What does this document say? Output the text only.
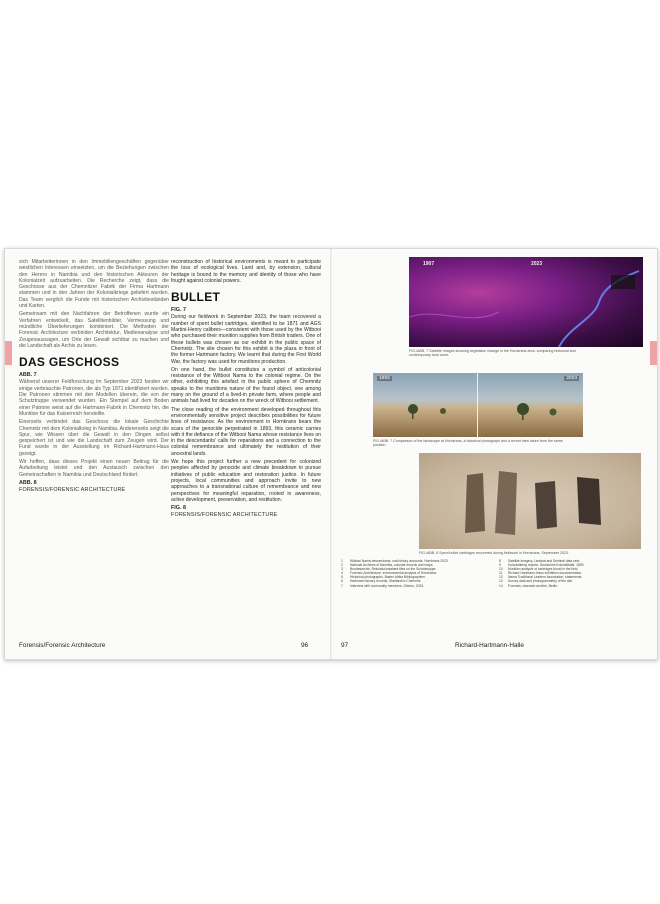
sich Mitarbeiterinnen in den Immobiliengeschäften gegenüber westlichen Interessen einsetzten, um die Beziehungen zwischen den Herero in Namibia und den historischen Akteuren der Kolonialzeit aufzuarbeiten. Die Recherche zeigt, dass die Geschosse aus der Chemnitzer Fabrik der Firma Hartmann stammen und in den Jahren der Kolonialkriege geliefert wurden. Das Team verglich die Funde mit historischen Archivbeständen und Karten.

Gemeinsam mit den Nachfahren der Betroffenen wurde ein Verfahren entwickelt, das Satellitenbilder, Vermessung und mündliche Überlieferungen kombiniert. Die Methoden der Forensic Architecture verbinden Architektur, Medienanalyse und Zeugenaussagen, um Orte der Gewalt sichtbar zu machen und die Landschaft als Archiv zu lesen.

DAS GESCHOSS
ABB. 7

Während unserer Feldforschung im September 2023 fanden wir einige verbrauchte Patronen, die als Typ 1871 identifiziert wurden. Die Patronen stimmen mit den Modellen überein, die von der Schutztruppe verwendet wurden. Ein Stempel auf dem Boden einer Patrone weist auf die Hartmann-Fabrik in Chemnitz hin, die Munition für das Kaiserreich herstellte.

Einerseits verbindet das Geschoss die lokale Geschichte Chemnitz mit dem Kolonialkrieg in Namibia. Andererseits zeigt die Spur, wie Wissen über die Gewalt in den Dingen selbst gespeichert ist und wie die Landschaft zum Zeugen wird. Der Fund wurde in der Ausstellung im Richard-Hartmann-Haus gezeigt.

Wir hoffen, dass dieses Projekt einen neuen Beitrag für die Aufarbeitung leistet und den Austausch zwischen den Gemeinschaften in Namibia und Deutschland fördert.

ABB. 8
FORENSIS/FORENSIC ARCHITECTURE

reconstruction of historical environments is meant to participate the loss of ecological lives. Land and, by extension, cultural heritage is bound to the memory and identity of those who have fought against colonial powers.

BULLET
FIG. 7

During our fieldwork in September 2023, the team recovered a number of spent bullet cartridges, identified to be 1871 and AGS Martini-Henry calibres—consistent with those used by the Witbooi who purchased their munition supplies from British traders. One of these bullets was chosen as our exhibit in the public space of Chemnitz. The site chosen for this exhibit is the plaza in front of the former Hartmann factory. We learnt that during the First World War, the factory was used for munitions production.

On one hand, the bullet constitutes a symbol of anticolonial resistance of the Witbooi Nama to the colonial regime. On the other, exhibiting this artefact in the public sphere of Chemnitz speaks to the munitions nature of the found object, one among many on the ground of a lived-in private farm, where people and animals had lived for decades on the wreck of Witbooi settlement.

The close reading of the environment developed throughout this environmentally sensitive project describes possibilities for future lines of resistance. As the environment in Hornkrans bears the scars of the genocide perpetrated in 1893, this ceramic carries with it the defiance of the Witbooi Nama whose resistance lives on in the descendants' calls for reparations and a connection to the colonial remembrance and ultimately the restitution of their ancestral lands.

We hope this project further a new precedent for colonized peoples affected by genocide and climate breakdown to pursue initiatives of public education and restoration justice. In future projects, local communities and approach invite to new approaches to a transnational culture of remembrance and new perspectives for meaningful reparation, rooted in awareness, active development, preservation, and restitution.

FIG. 8
FORENSIS/FORENSIC ARCHITECTURE
Forensis/Forensic Architecture	96
1907	2023
FIG./ABB. 7 Satellite images showing vegetation change in the Hornkrans area, comparing historical and contemporary land cover.
1893	2023
FIG./ABB. 7 Comparison of the landscape at Hornkrans, a historical photograph and a recent view taken from the same position.
FIG./ABB. 8 Spent bullet cartridges recovered during fieldwork in Hornkrans, September 2023.
1	Witbooi Nama descendants, oral history accounts, Hornkrans 2023.
2	National Archives of Namibia, colonial records and maps.
3	Bundesarchiv, Reichskolonialamt files on the Schutztruppe.
4	Forensic Architecture, environmental analysis of Hornkrans.
5	Historical photographs, Basler Afrika Bibliographien.
6	Hartmann factory records, Stadtarchiv Chemnitz.
7	Interview with community members, Gibeon, 2023.
8	Satellite imagery, Landsat and Sentinel data sets.
9	Kolonialkrieg reports, Deutsches Kolonialblatt, 1893.
10	Munition analysis of cartridges found in the field.
11	Richard-Hartmann-Haus exhibition documentation.
12	Nama Traditional Leaders Association, statements.
13	Survey data and photogrammetry of the site.
14	Forensis, research archive, Berlin.
97	Richard-Hartmann-Halle
